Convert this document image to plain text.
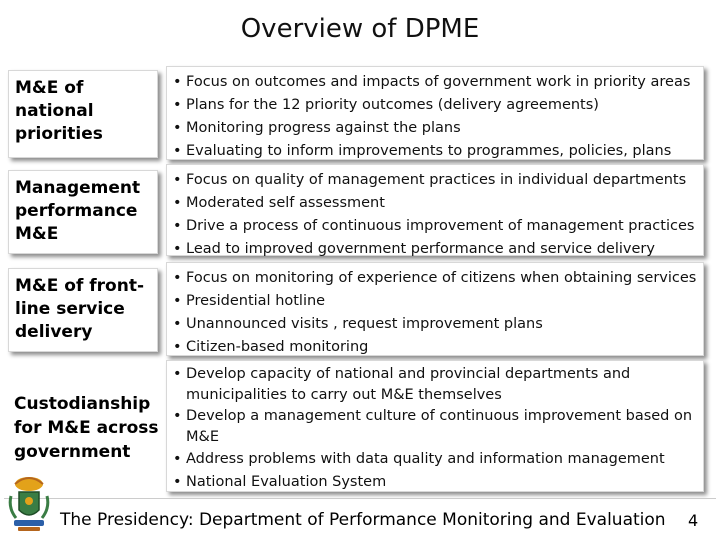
Overview of DPME
M&E of
national
priorities
• Focus on outcomes and impacts of government work in priority areas
• Plans for the 12 priority outcomes (delivery agreements)
• Monitoring progress against the plans
• Evaluating to inform improvements to programmes, policies, plans
Management
performance
M&E
• Focus on quality of management practices in individual departments
• Moderated self assessment
• Drive a process of continuous improvement of management practices
• Lead to improved government performance and service delivery
M&E of front-
line service
delivery
• Focus on monitoring of experience of citizens when obtaining services
• Presidential hotline
• Unannounced visits , request improvement plans
• Citizen-based monitoring
Custodianship
for M&E across
government
• Develop capacity of national and provincial departments and municipalities to carry out M&E themselves
• Develop a management culture of continuous improvement based on M&E
• Address problems with data quality and information management
• National Evaluation System
The Presidency: Department of Performance Monitoring and Evaluation 4
